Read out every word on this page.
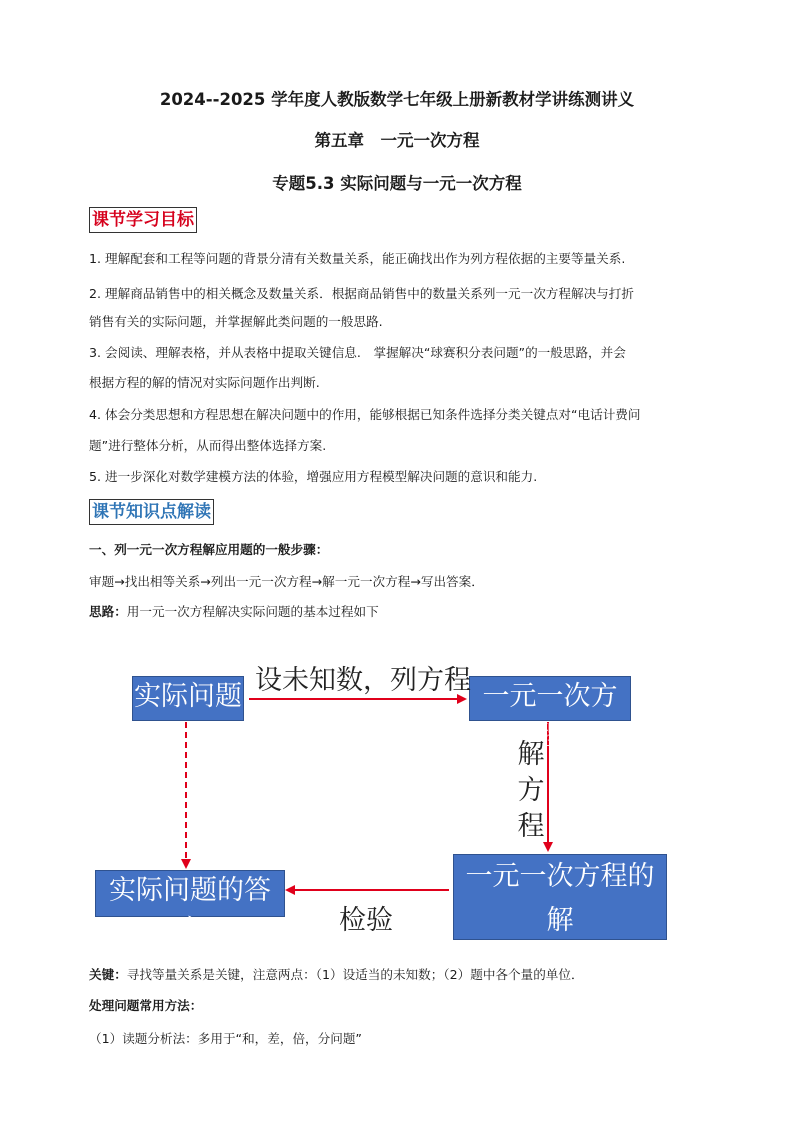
2024--2025 学年度人教版数学七年级上册新教材学讲练测讲义
第五章　一元一次方程
专题5.3 实际问题与一元一次方程
课节学习目标
1. 理解配套和工程等问题的背景分清有关数量关系，能正确找出作为列方程依据的主要等量关系.
2. 理解商品销售中的相关概念及数量关系．根据商品销售中的数量关系列一元一次方程解决与打折
销售有关的实际问题，并掌握解此类问题的一般思路.
3. 会阅读、理解表格，并从表格中提取关键信息.　掌握解决“球赛积分表问题”的一般思路，并会
根据方程的解的情况对实际问题作出判断.
4. 体会分类思想和方程思想在解决问题中的作用，能够根据已知条件选择分类关键点对“电话计费问
题”进行整体分析，从而得出整体选择方案.
5. 进一步深化对数学建模方法的体验，增强应用方程模型解决问题的意识和能力.
课节知识点解读
一、列一元一次方程解应用题的一般步骤：
审题→找出相等关系→列出一元一次方程→解一元一次方程→写出答案．
思路：用一元一次方程解决实际问题的基本过程如下
实际问题	一元一次方程
一元一次方程的解
(x=a)
实际问题的答案
设未知数，列方程
解
方
程
检验
关键：寻找等量关系是关键，注意两点：（1）设适当的未知数；（2）题中各个量的单位．
处理问题常用方法：
（1）读题分析法：多用于“和，差，倍，分问题”
